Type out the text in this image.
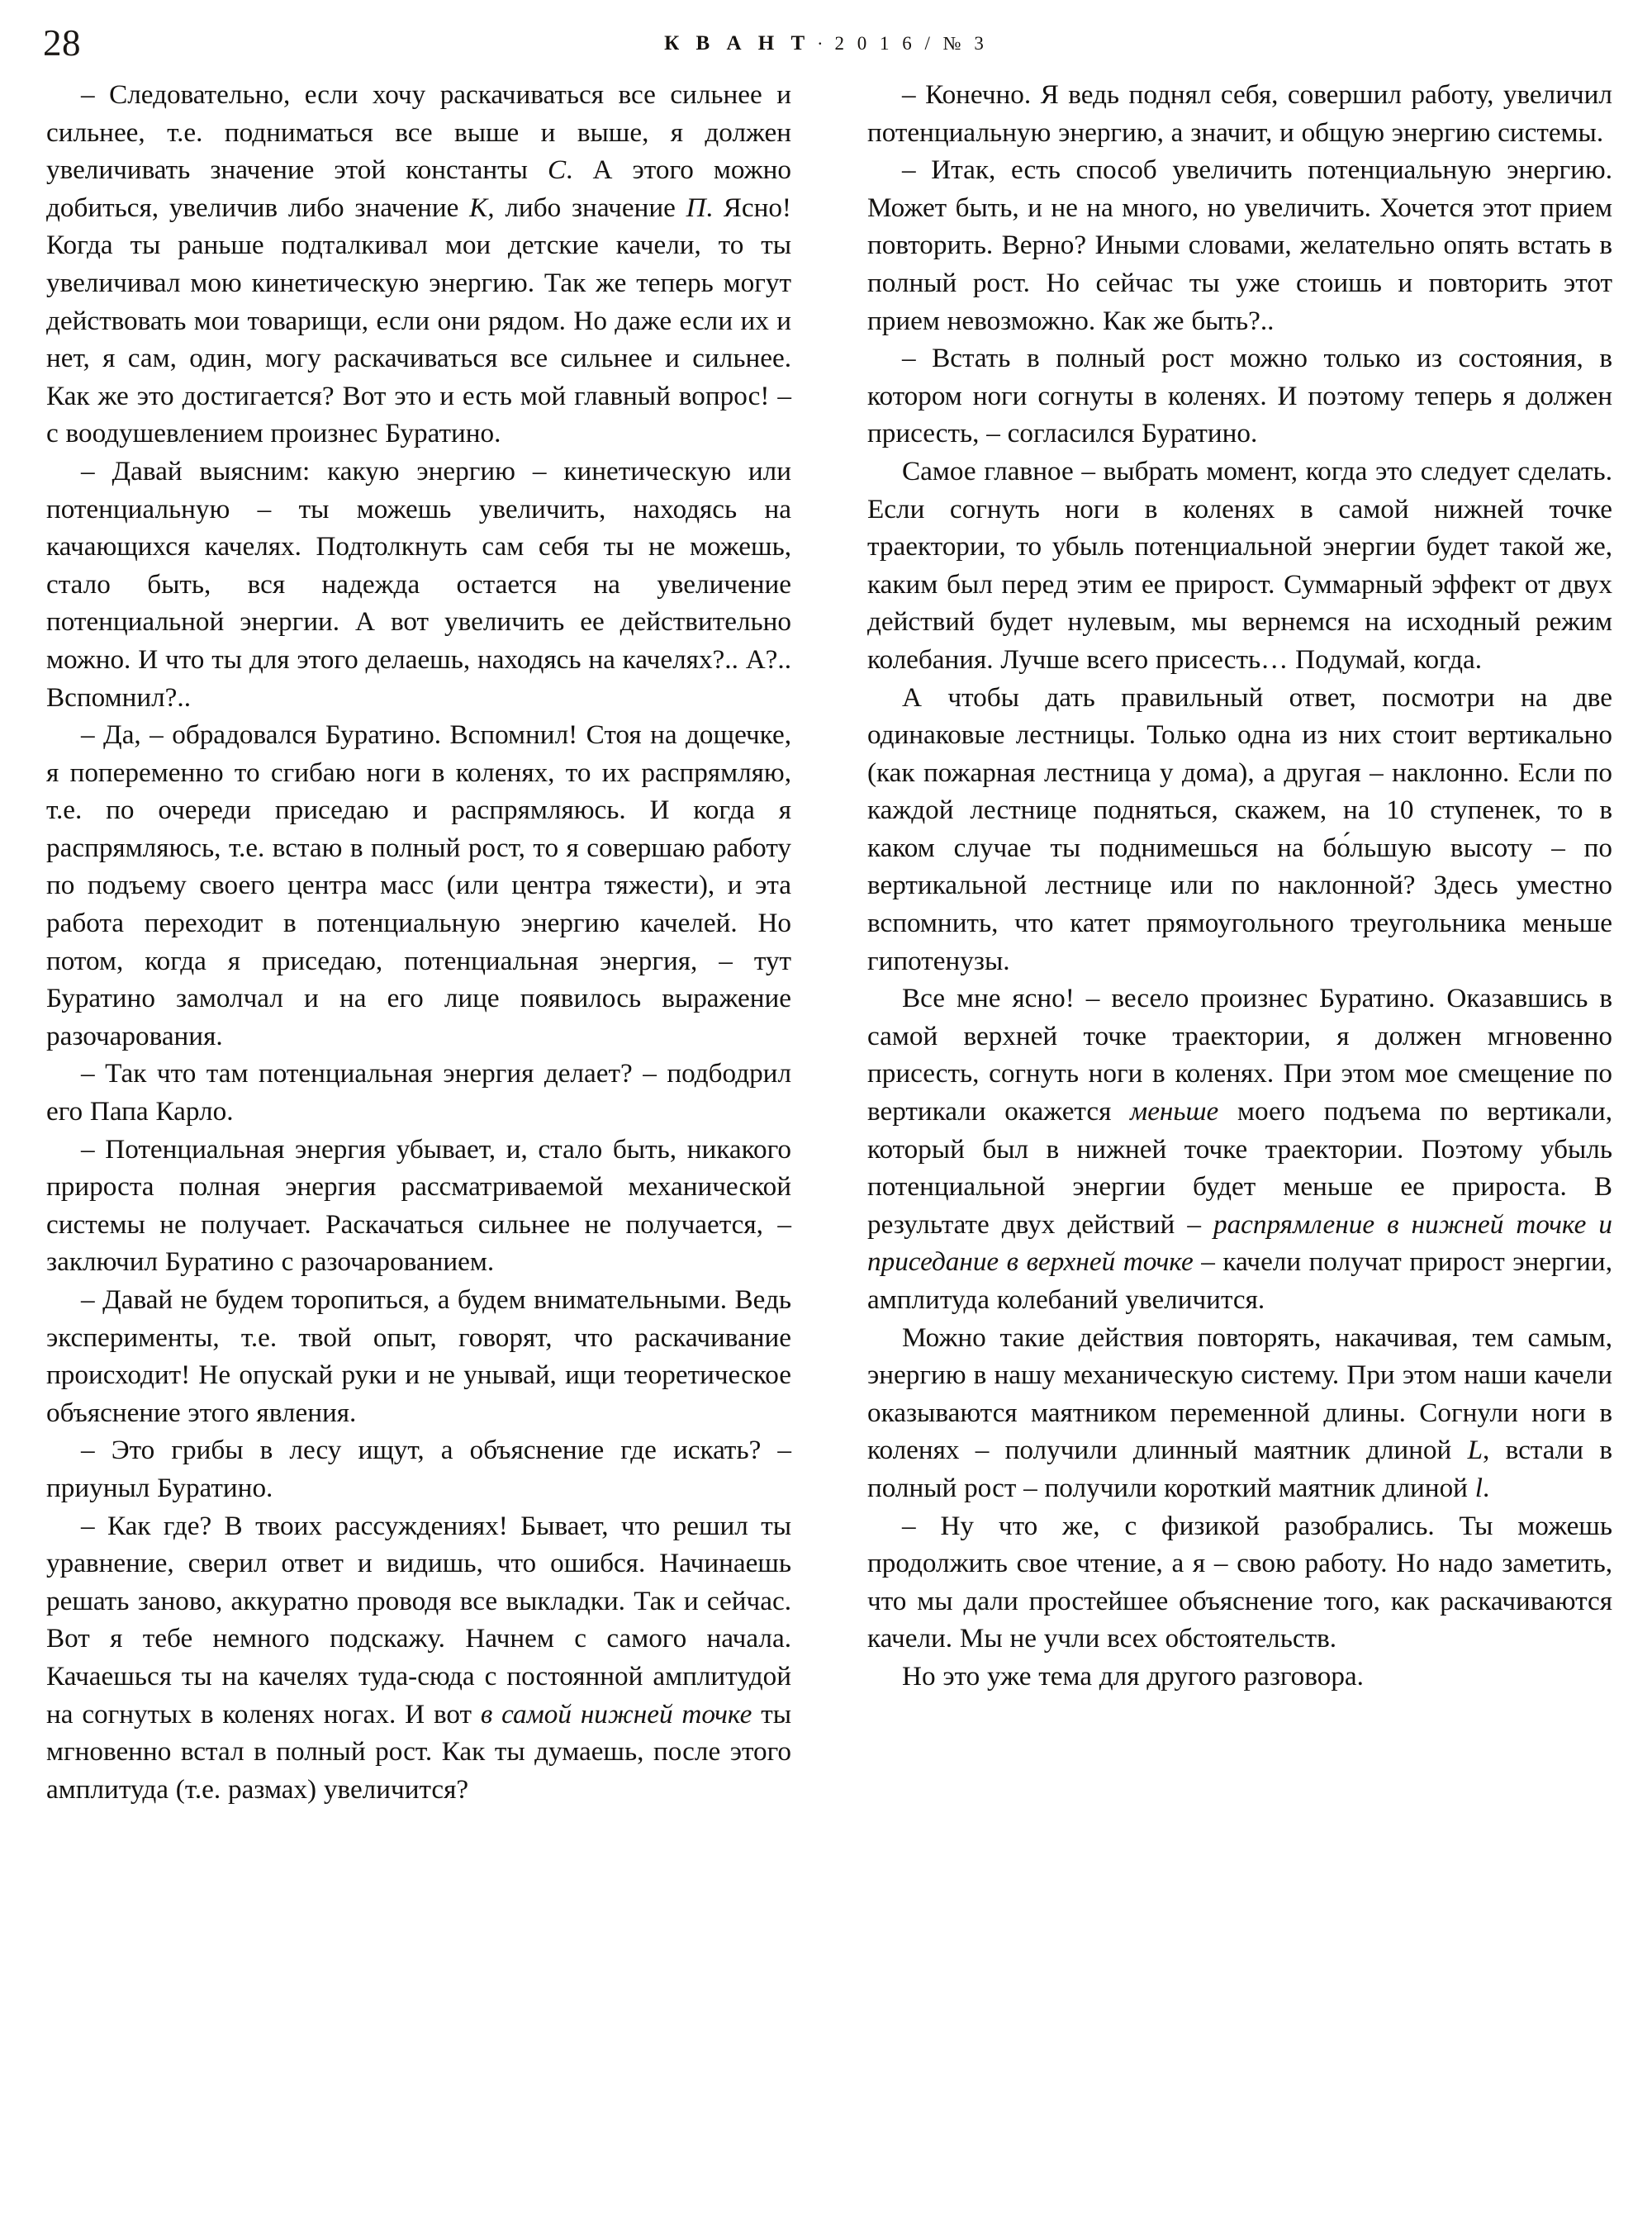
28	К В А Н Т · 2 0 1 6 / № 3

– Следовательно, если хочу раскачиваться все сильнее и сильнее, т.е. подниматься все выше и выше, я должен увеличивать значение этой константы C. А этого можно добиться, увеличив либо значение K, либо значение П. Ясно! Когда ты раньше подталкивал мои детские качели, то ты увеличивал мою кинетическую энергию. Так же теперь могут действовать мои товарищи, если они рядом. Но даже если их и нет, я сам, один, могу раскачиваться все сильнее и сильнее. Как же это достигается? Вот это и есть мой главный вопрос! – с воодушевлением произнес Буратино.

– Давай выясним: какую энергию – кинетическую или потенциальную – ты можешь увеличить, находясь на качающихся качелях. Подтолкнуть сам себя ты не можешь, стало быть, вся надежда остается на увеличение потенциальной энергии. А вот увеличить ее действительно можно. И что ты для этого делаешь, находясь на качелях?.. А?.. Вспомнил?..

– Да, – обрадовался Буратино. Вспомнил! Стоя на дощечке, я попеременно то сгибаю ноги в коленях, то их распрямляю, т.е. по очереди приседаю и распрямляюсь. И когда я распрямляюсь, т.е. встаю в полный рост, то я совершаю работу по подъему своего центра масс (или центра тяжести), и эта работа переходит в потенциальную энергию качелей. Но потом, когда я приседаю, потенциальная энергия, – тут Буратино замолчал и на его лице появилось выражение разочарования.

– Так что там потенциальная энергия делает? – подбодрил его Папа Карло.

– Потенциальная энергия убывает, и, стало быть, никакого прироста полная энергия рассматриваемой механической системы не получает. Раскачаться сильнее не получается, – заключил Буратино с разочарованием.

– Давай не будем торопиться, а будем внимательными. Ведь эксперименты, т.е. твой опыт, говорят, что раскачивание происходит! Не опускай руки и не унывай, ищи теоретическое объяснение этого явления.

– Это грибы в лесу ищут, а объяснение где искать? – приуныл Буратино.

– Как где? В твоих рассуждениях! Бывает, что решил ты уравнение, сверил ответ и видишь, что ошибся. Начинаешь решать заново, аккуратно проводя все выкладки. Так и сейчас. Вот я тебе немного подскажу. Начнем с самого начала. Качаешься ты на качелях туда-сюда с постоянной амплитудой на согнутых в коленях ногах. И вот в самой нижней точке ты мгновенно встал в полный рост. Как ты думаешь, после этого амплитуда (т.е. размах) увеличится?

– Конечно. Я ведь поднял себя, совершил работу, увеличил потенциальную энергию, а значит, и общую энергию системы.

– Итак, есть способ увеличить потенциальную энергию. Может быть, и не на много, но увеличить. Хочется этот прием повторить. Верно? Иными словами, желательно опять встать в полный рост. Но сейчас ты уже стоишь и повторить этот прием невозможно. Как же быть?..

– Встать в полный рост можно только из состояния, в котором ноги согнуты в коленях. И поэтому теперь я должен присесть, – согласился Буратино.

Самое главное – выбрать момент, когда это следует сделать. Если согнуть ноги в коленях в самой нижней точке траектории, то убыль потенциальной энергии будет такой же, каким был перед этим ее прирост. Суммарный эффект от двух действий будет нулевым, мы вернемся на исходный режим колебания. Лучше всего присесть… Подумай, когда.

А чтобы дать правильный ответ, посмотри на две одинаковые лестницы. Только одна из них стоит вертикально (как пожарная лестница у дома), а другая – наклонно. Если по каждой лестнице подняться, скажем, на 10 ступенек, то в каком случае ты поднимешься на бо́льшую высоту – по вертикальной лестнице или по наклонной? Здесь уместно вспомнить, что катет прямоугольного треугольника меньше гипотенузы.

Все мне ясно! – весело произнес Буратино. Оказавшись в самой верхней точке траектории, я должен мгновенно присесть, согнуть ноги в коленях. При этом мое смещение по вертикали окажется меньше моего подъема по вертикали, который был в нижней точке траектории. Поэтому убыль потенциальной энергии будет меньше ее прироста. В результате двух действий – распрямление в нижней точке и приседание в верхней точке – качели получат прирост энергии, амплитуда колебаний увеличится.

Можно такие действия повторять, накачивая, тем самым, энергию в нашу механическую систему. При этом наши качели оказываются маятником переменной длины. Согнули ноги в коленях – получили длинный маятник длиной L, встали в полный рост – получили короткий маятник длиной l.

– Ну что же, с физикой разобрались. Ты можешь продолжить свое чтение, а я – свою работу. Но надо заметить, что мы дали простейшее объяснение того, как раскачиваются качели. Мы не учли всех обстоятельств.

Но это уже тема для другого разговора.
